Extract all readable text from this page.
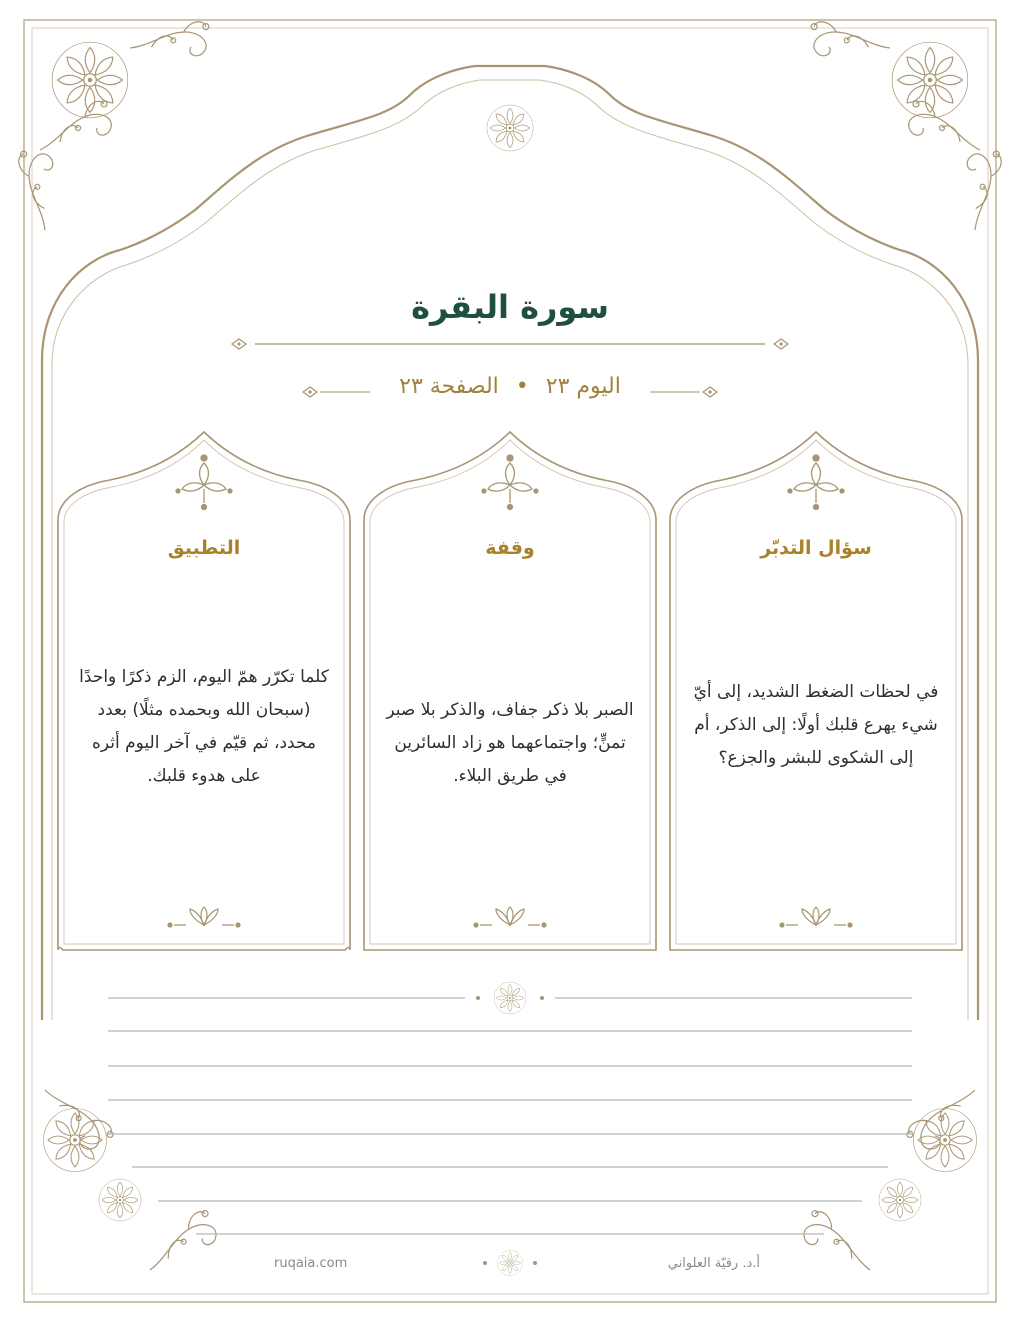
سورة البقرة
اليوم ٢٣ • الصفحة ٢٣
سؤال التدبّر
في لحظات الضغط الشديد، إلى أيّ شيء يهرع قلبك أولًا: إلى الذكر، أم إلى الشكوى للبشر والجزع؟
وقفة
الصبر بلا ذكر جفاف، والذكر بلا صبر تمنٍّ؛ واجتماعهما هو زاد السائرين في طريق البلاء.
التطبيق
كلما تكرّر همّ اليوم، الزم ذكرًا واحدًا (سبحان الله وبحمده مثلًا) بعدد محدد، ثم قيّم في آخر اليوم أثره على هدوء قلبك.
ruqaia.com	أ.د. رقيّة العلواني
